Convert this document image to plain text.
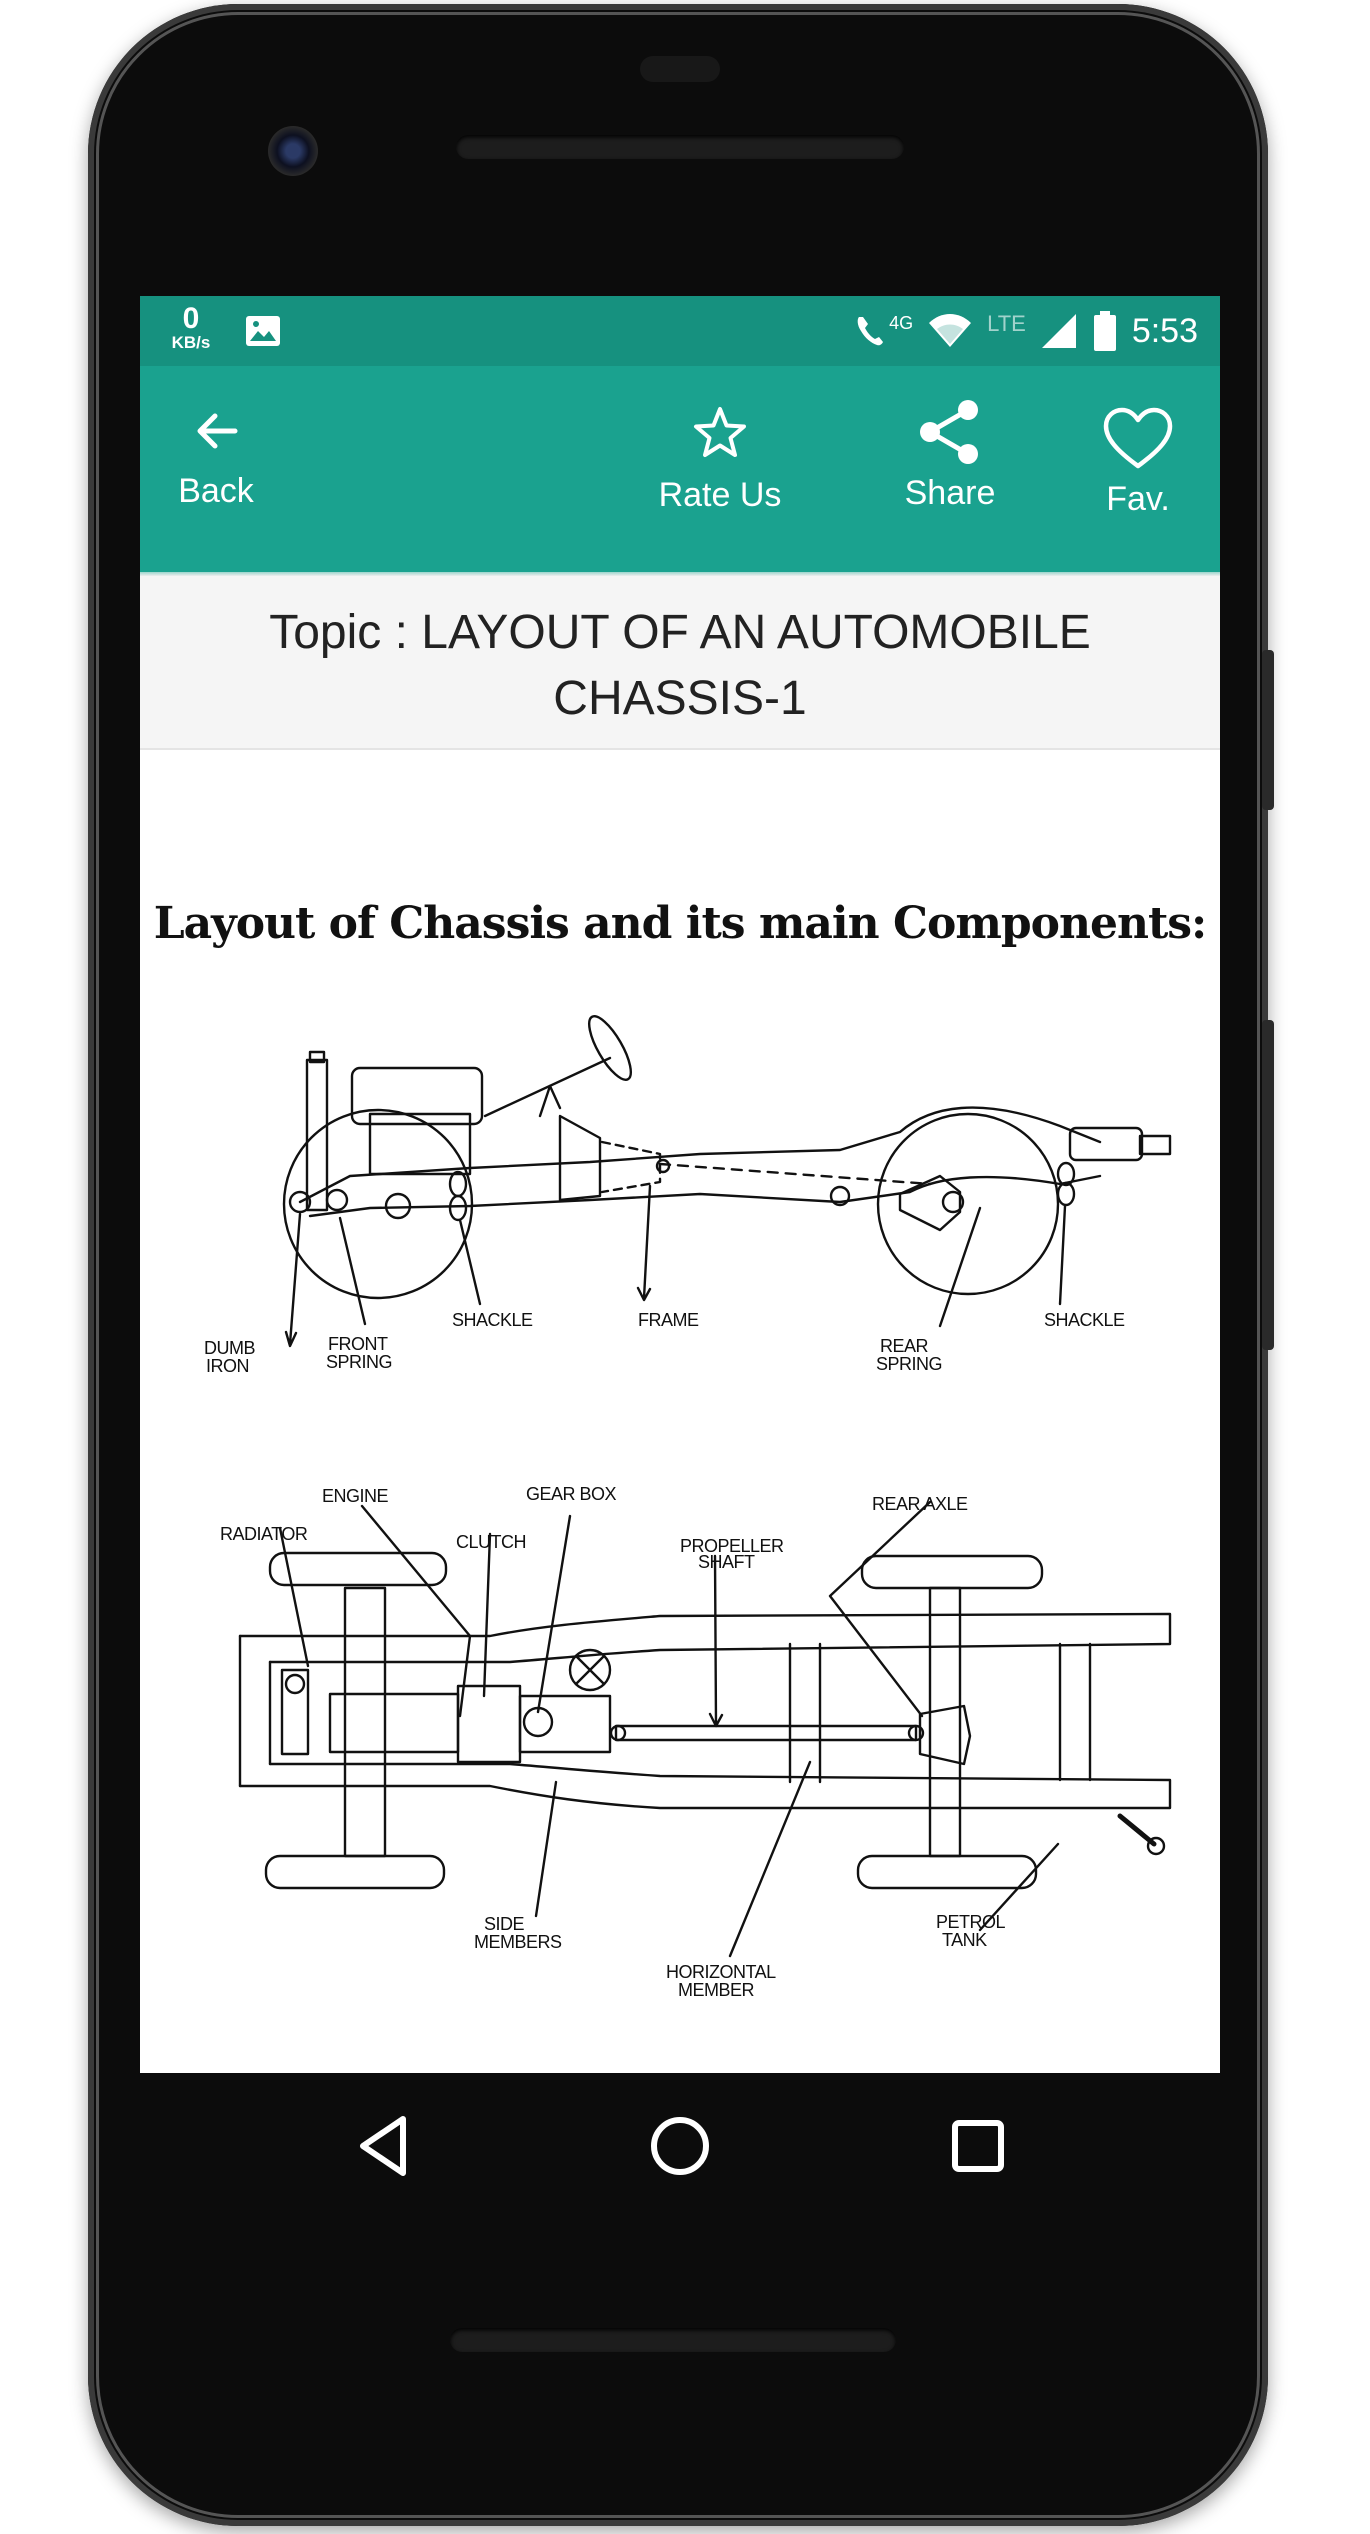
0
KB/s
4G	LTE	5:53
Back	Rate Us	Share	Fav.
Topic : LAYOUT OF AN AUTOMOBILE
CHASSIS-1
Layout of Chassis and its main Components:
DUMB
IRON
FRONT
SPRING
SHACKLE	FRAME
REAR
SPRING
SHACKLE
ENGINE	GEAR BOX	REAR AXLE
RADIATOR	CLUTCH	PROPELLER
SHAFT
SIDE
MEMBERS
HORIZONTAL
MEMBER
PETROL
TANK
